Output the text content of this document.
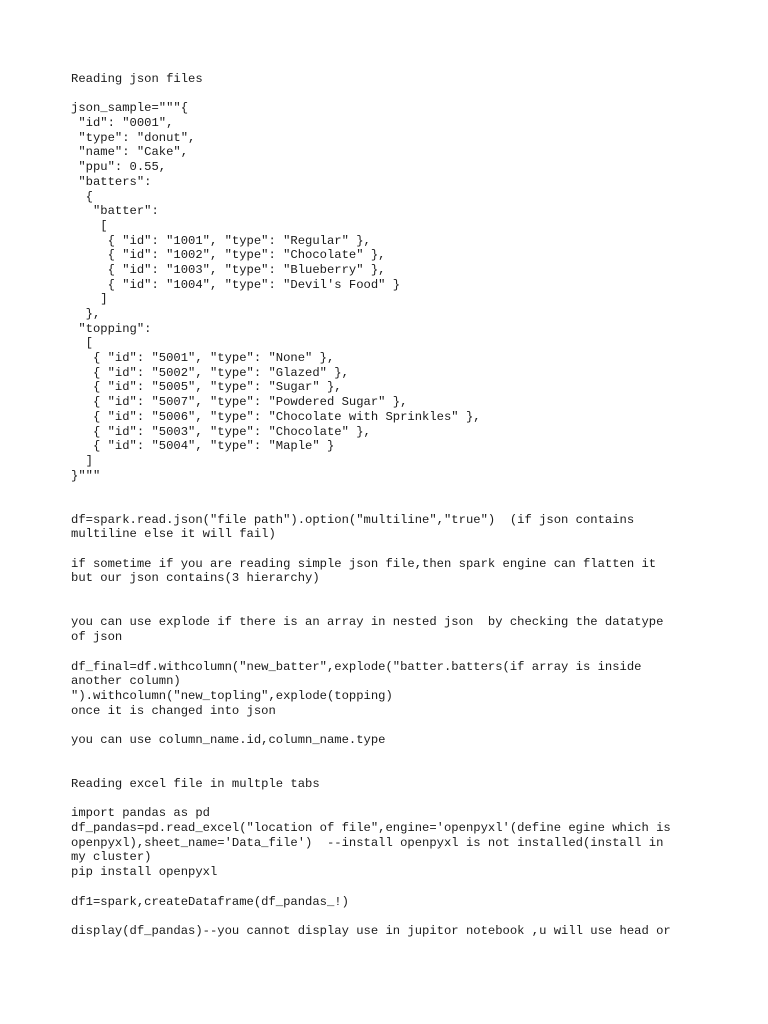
Reading json files
json_sample="""{
"id": "0001",
"type": "donut",
"name": "Cake",
"ppu": 0.55,
"batters":
{
"batter":
[
{ "id": "1001", "type": "Regular" },
{ "id": "1002", "type": "Chocolate" },
{ "id": "1003", "type": "Blueberry" },
{ "id": "1004", "type": "Devil's Food" }
]
},
"topping":
[
{ "id": "5001", "type": "None" },
{ "id": "5002", "type": "Glazed" },
{ "id": "5005", "type": "Sugar" },
{ "id": "5007", "type": "Powdered Sugar" },
{ "id": "5006", "type": "Chocolate with Sprinkles" },
{ "id": "5003", "type": "Chocolate" },
{ "id": "5004", "type": "Maple" }
]
}"""
df=spark.read.json("file path").option("multiline","true")  (if json contains
multiline else it will fail)
if sometime if you are reading simple json file,then spark engine can flatten it
but our json contains(3 hierarchy)
you can use explode if there is an array in nested json  by checking the datatype
of json
df_final=df.withcolumn("new_batter",explode("batter.batters(if array is inside
another column)
").withcolumn("new_topling",explode(topping)
once it is changed into json
you can use column_name.id,column_name.type
Reading excel file in multple tabs
import pandas as pd
df_pandas=pd.read_excel("location of file",engine='openpyxl'(define egine which is
openpyxl),sheet_name='Data_file')  --install openpyxl is not installed(install in
my cluster)
pip install openpyxl
df1=spark,createDataframe(df_pandas_!)
display(df_pandas)--you cannot display use in jupitor notebook ,u will use head or
